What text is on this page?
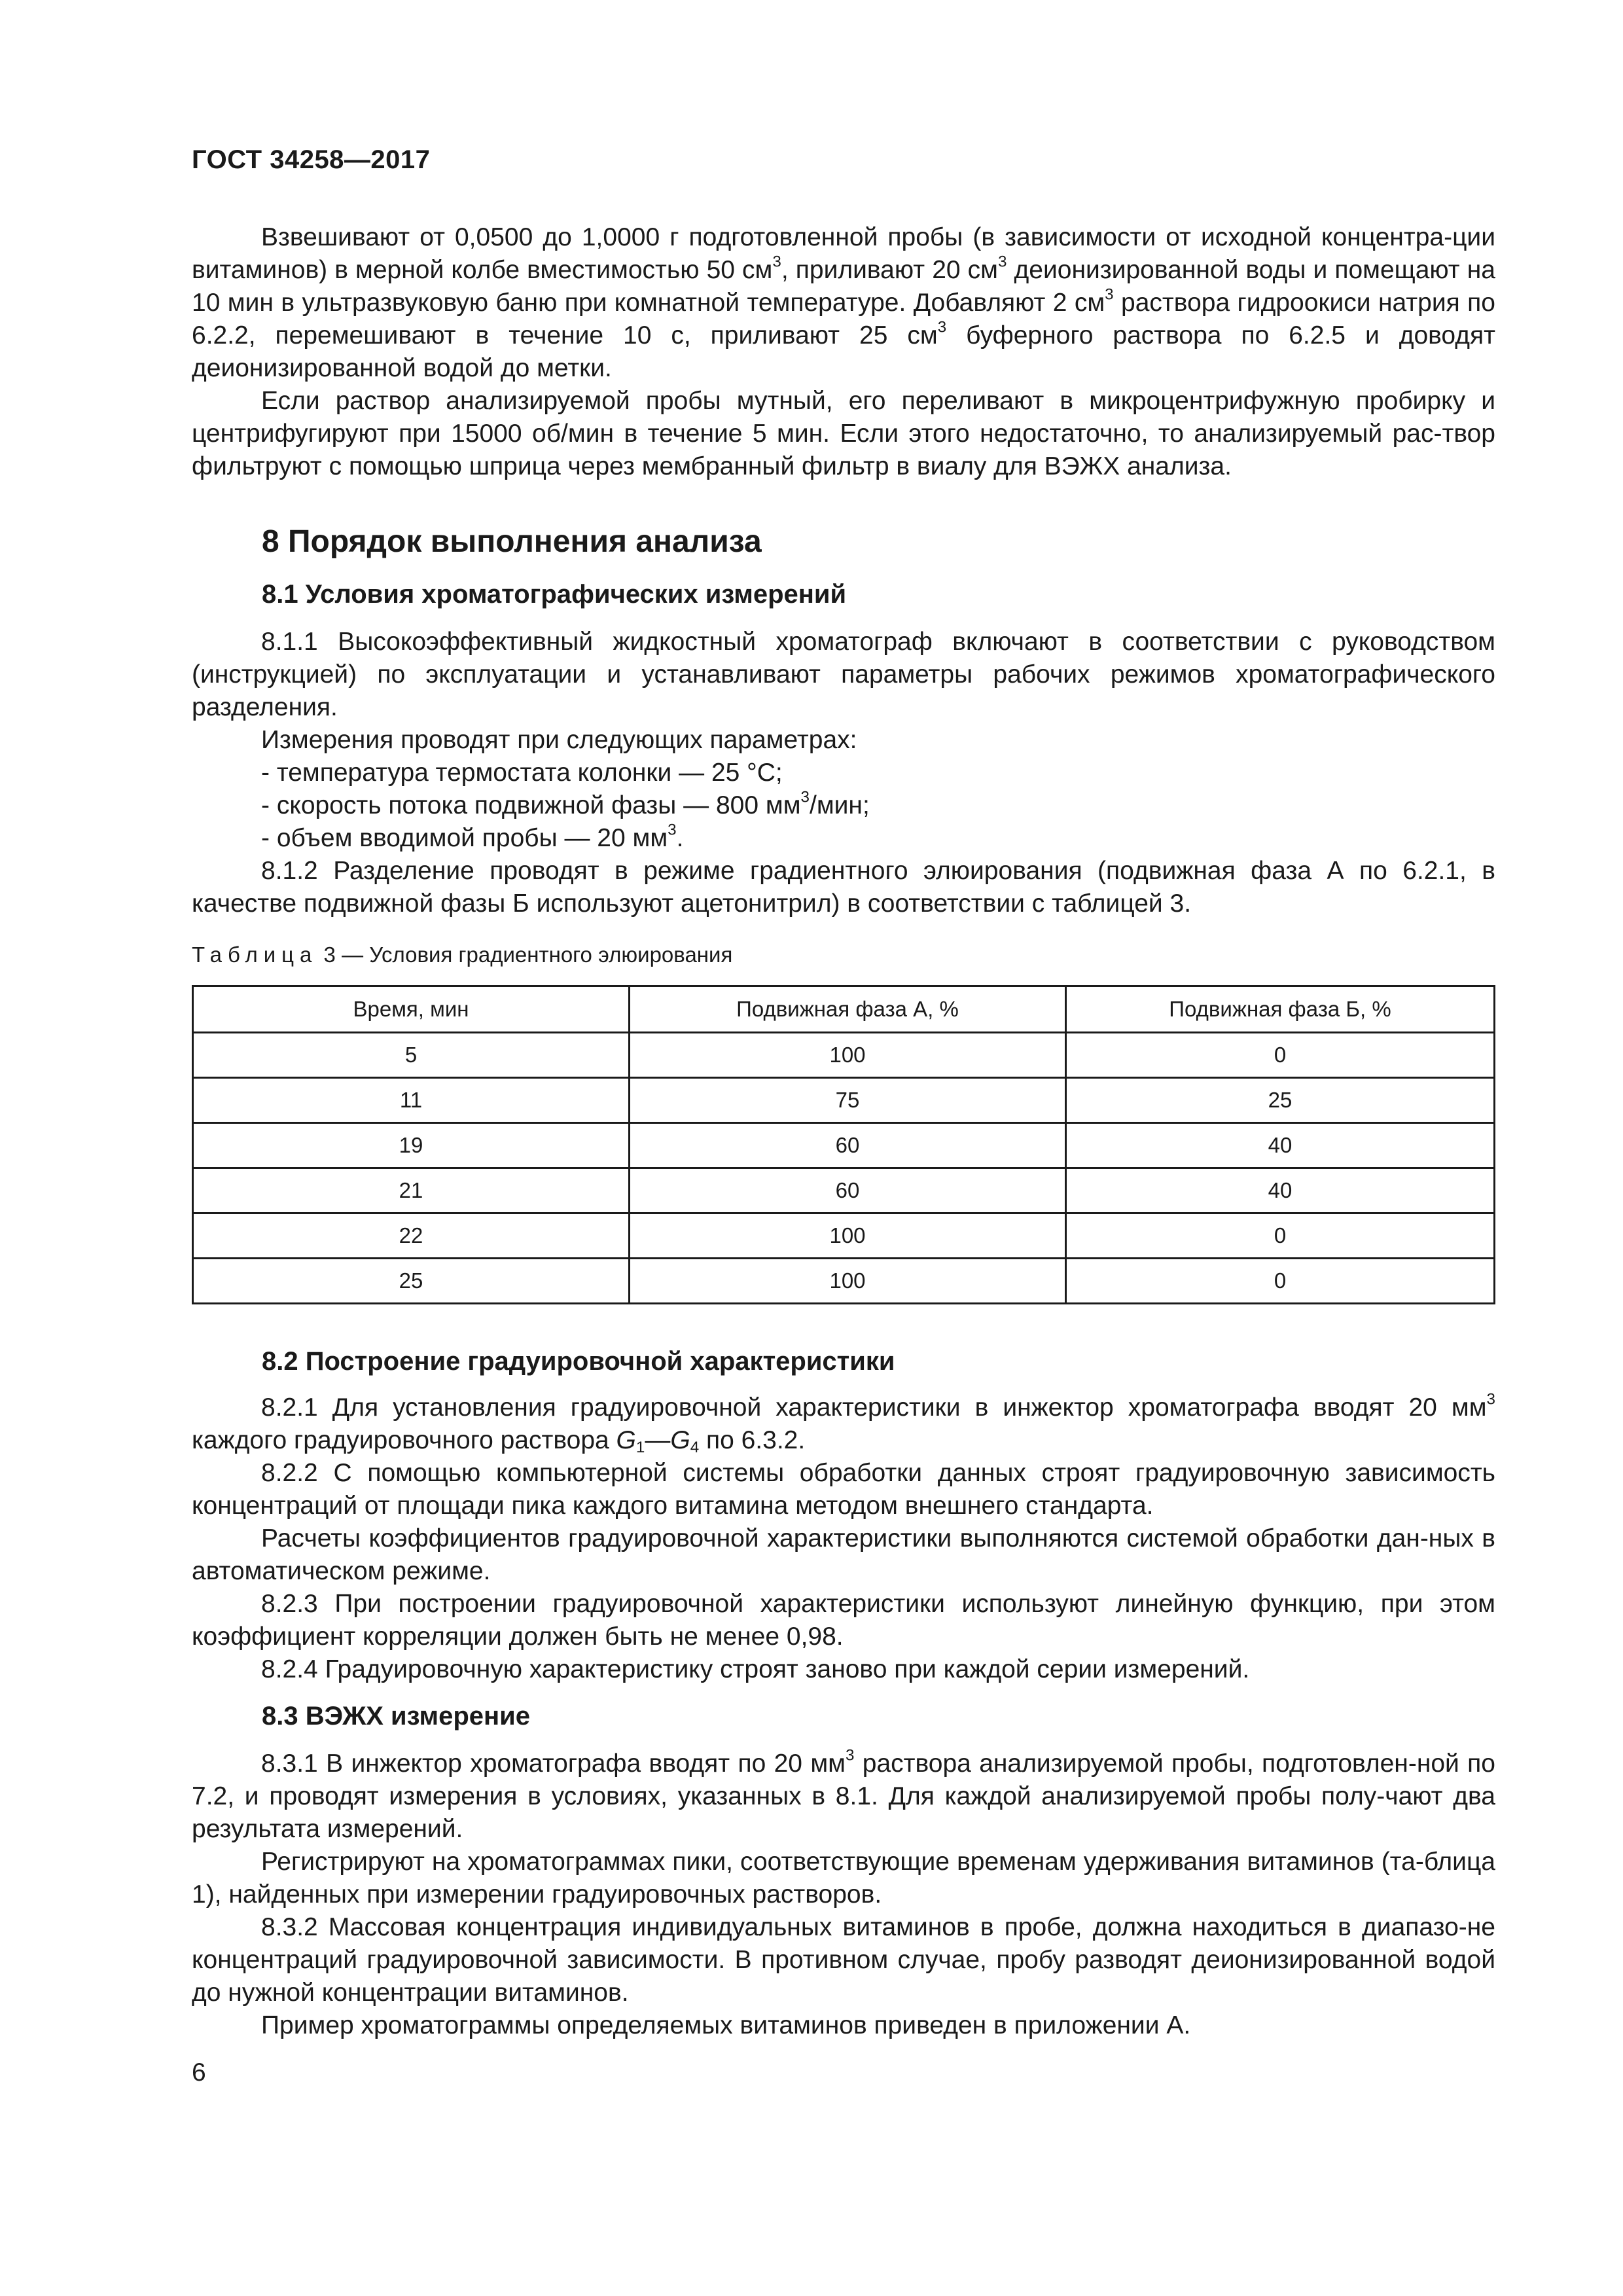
ГОСТ 34258—2017

Взвешивают от 0,0500 до 1,0000 г подготовленной пробы (в зависимости от исходной концентра-ции витаминов) в мерной колбе вместимостью 50 $см^3$, приливают 20 $см^3$ деионизированной воды и помещают на 10 мин в ультразвуковую баню при комнатной температуре. Добавляют 2 $см^3$ раствора гидроокиси натрия по 6.2.2, перемешивают в течение 10 с, приливают 25 $см^3$ буферного раствора по 6.2.5 и доводят деионизированной водой до метки.

Если раствор анализируемой пробы мутный, его переливают в микроцентрифужную пробирку и центрифугируют при 15000 об/мин в течение 5 мин. Если этого недостаточно, то анализируемый рас-твор фильтруют с помощью шприца через мембранный фильтр в виалу для ВЭЖХ анализа.

8 Порядок выполнения анализа
8.1 Условия хроматографических измерений

8.1.1 Высокоэффективный жидкостный хроматограф включают в соответствии с руководством (инструкцией) по эксплуатации и устанавливают параметры рабочих режимов хроматографического разделения.

Измерения проводят при следующих параметрах:

- температура термостата колонки — 25 °С;

- скорость потока подвижной фазы — 800 $мм^3$/мин;

- объем вводимой пробы — 20 $мм^3$.

8.1.2 Разделение проводят в режиме градиентного элюирования (подвижная фаза А по 6.2.1, в качестве подвижной фазы Б используют ацетонитрил) в соответствии с таблицей 3.

Таблица 3 — Условия градиентного элюирования
Время, мин	Подвижная фаза А, %	Подвижная фаза Б, %
5	100	0
11	75	25
19	60	40
21	60	40
22	100	0
25	100	0
8.2 Построение градуировочной характеристики

8.2.1 Для установления градуировочной характеристики в инжектор хроматографа вводят 20 $мм^3$ каждого градуировочного раствора $G_1—G_4$ по 6.3.2.

8.2.2 С помощью компьютерной системы обработки данных строят градуировочную зависимость концентраций от площади пика каждого витамина методом внешнего стандарта.

Расчеты коэффициентов градуировочной характеристики выполняются системой обработки дан-ных в автоматическом режиме.

8.2.3 При построении градуировочной характеристики используют линейную функцию, при этом коэффициент корреляции должен быть не менее 0,98.

8.2.4 Градуировочную характеристику строят заново при каждой серии измерений.

8.3 ВЭЖХ измерение

8.3.1 В инжектор хроматографа вводят по 20 $мм^3$ раствора анализируемой пробы, подготовлен-ной по 7.2, и проводят измерения в условиях, указанных в 8.1. Для каждой анализируемой пробы полу-чают два результата измерений.

Регистрируют на хроматограммах пики, соответствующие временам удерживания витаминов (та-блица 1), найденных при измерении градуировочных растворов.

8.3.2 Массовая концентрация индивидуальных витаминов в пробе, должна находиться в диапазо-не концентраций градуировочной зависимости. В противном случае, пробу разводят деионизированной водой до нужной концентрации витаминов.

Пример хроматограммы определяемых витаминов приведен в приложении А.

6
